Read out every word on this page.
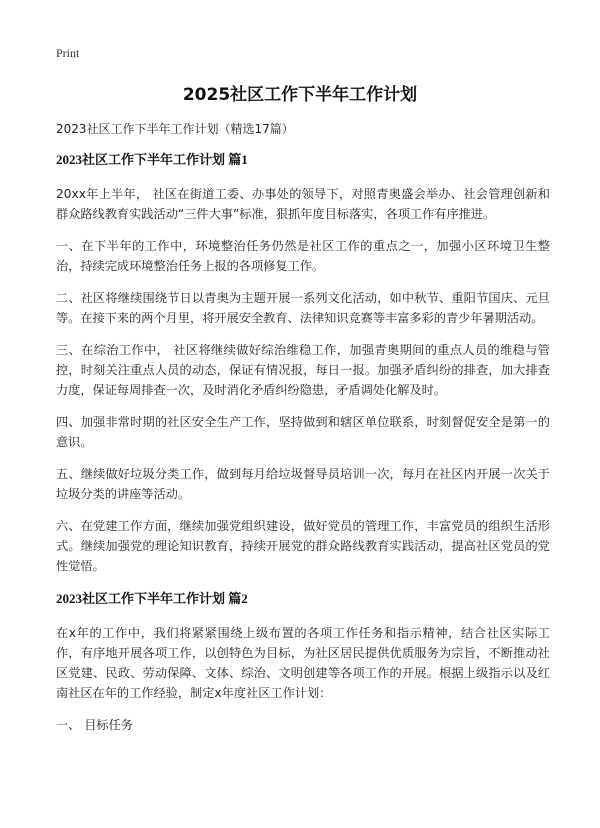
Print
2025社区工作下半年工作计划

2023社区工作下半年工作计划（精选17篇）

2023社区工作下半年工作计划 篇1

20xx年上半年， 社区在街道工委、办事处的领导下，对照青奥盛会举办、社会管理创新和群众路线教育实践活动“三件大事”标准，狠抓年度目标落实，各项工作有序推进。

一、在下半年的工作中，环境整治任务仍然是社区工作的重点之一，加强小区环境卫生整治，持续完成环境整治任务上报的各项修复工作。

二、社区将继续围绕节日以青奥为主题开展一系列文化活动，如中秋节、重阳节国庆、元旦等。在接下来的两个月里，将开展安全教育、法律知识竞赛等丰富多彩的青少年暑期活动。

三、在综治工作中， 社区将继续做好综治维稳工作，加强青奥期间的重点人员的维稳与管控，时刻关注重点人员的动态，保证有情况报，每日一报。加强矛盾纠纷的排查，加大排查力度，保证每周排查一次，及时消化矛盾纠纷隐患，矛盾调处化解及时。

四、加强非常时期的社区安全生产工作，坚持做到和辖区单位联系，时刻督促安全是第一的意识。

五、继续做好垃圾分类工作，做到每月给垃圾督导员培训一次，每月在社区内开展一次关于垃圾分类的讲座等活动。

六、在党建工作方面，继续加强党组织建设，做好党员的管理工作，丰富党员的组织生活形式。继续加强党的理论知识教育，持续开展党的群众路线教育实践活动，提高社区党员的党性觉悟。

2023社区工作下半年工作计划 篇2

在x年的工作中，我们将紧紧围绕上级布置的各项工作任务和指示精神，结合社区实际工作，有序地开展各项工作，以创特色为目标，为社区居民提供优质服务为宗旨，不断推动社区党建、民政、劳动保障、文体、综治、文明创建等各项工作的开展。根据上级指示以及红南社区在年的工作经验，制定x年度社区工作计划：

一、 目标任务
